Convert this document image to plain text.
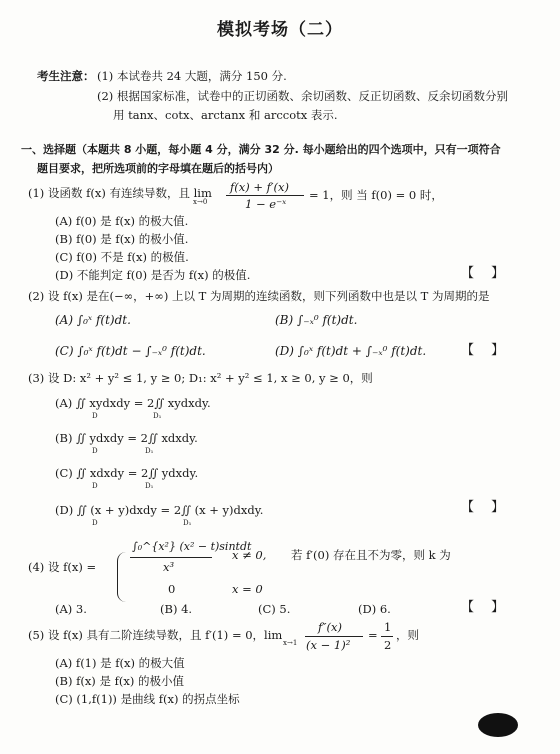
模拟考场（二）
考生注意： (1) 本试卷共 24 大题，满分 150 分.
(2) 根据国家标准，试卷中的正切函数、余切函数、反正切函数、反余切函数分别
用 tanx、cotx、arctanx 和 arccotx 表示.
一、选择题（本题共 8 小题，每小题 4 分，满分 32 分. 每小题给出的四个选项中，只有一项符合
题目要求，把所选项前的字母填在题后的括号内）
(1) 设函数 f(x) 有连续导数，且 lim
x→0
f(x) + f′(x)
1 − e⁻ˣ
= 1，则 当 f(0) = 0 时，
(A) f(0) 是 f(x) 的极大值.
(B) f(0) 是 f(x) 的极小值.
(C) f(0) 不是 f(x) 的极值.
(D) 不能判定 f(0) 是否为 f(x) 的极值.	【　 】
(2) 设 f(x) 是在(−∞，+∞) 上以 T 为周期的连续函数，则下列函数中也是以 T 为周期的是
(A) ∫₀ˣ f(t)dt.	(B) ∫₋ₓ⁰ f(t)dt.
(C) ∫₀ˣ f(t)dt − ∫₋ₓ⁰ f(t)dt.	(D) ∫₀ˣ f(t)dt + ∫₋ₓ⁰ f(t)dt.	【　 】
(3) 设 D: x² + y² ≤ 1, y ≥ 0; D₁: x² + y² ≤ 1, x ≥ 0, y ≥ 0，则
(A) ∬ xydxdy = 2∬ xydxdy.
D	D₁
(B) ∬ ydxdy = 2∬ xdxdy.
D	D₁
(C) ∬ xdxdy = 2∬ ydxdy.
D	D₁
(D) ∬ (x + y)dxdy = 2∬ (x + y)dxdy.
D	D₁
【　 】
(4) 设 f(x) =
∫₀^{x²} (x² − t)sintdt
x³
x ≠ 0,
0	x = 0
若 f′(0) 存在且不为零，则 k 为
(A) 3.	(B) 4.	(C) 5.	(D) 6.	【　 】
(5) 设 f(x) 具有二阶连续导数，且 f′(1) = 0，lim
x→1
f″(x)
(x − 1)²
=
1
2
，则
(A) f(1) 是 f(x) 的极大值
(B) f(x) 是 f(x) 的极小值
(C) (1,f(1)) 是曲线 f(x) 的拐点坐标
